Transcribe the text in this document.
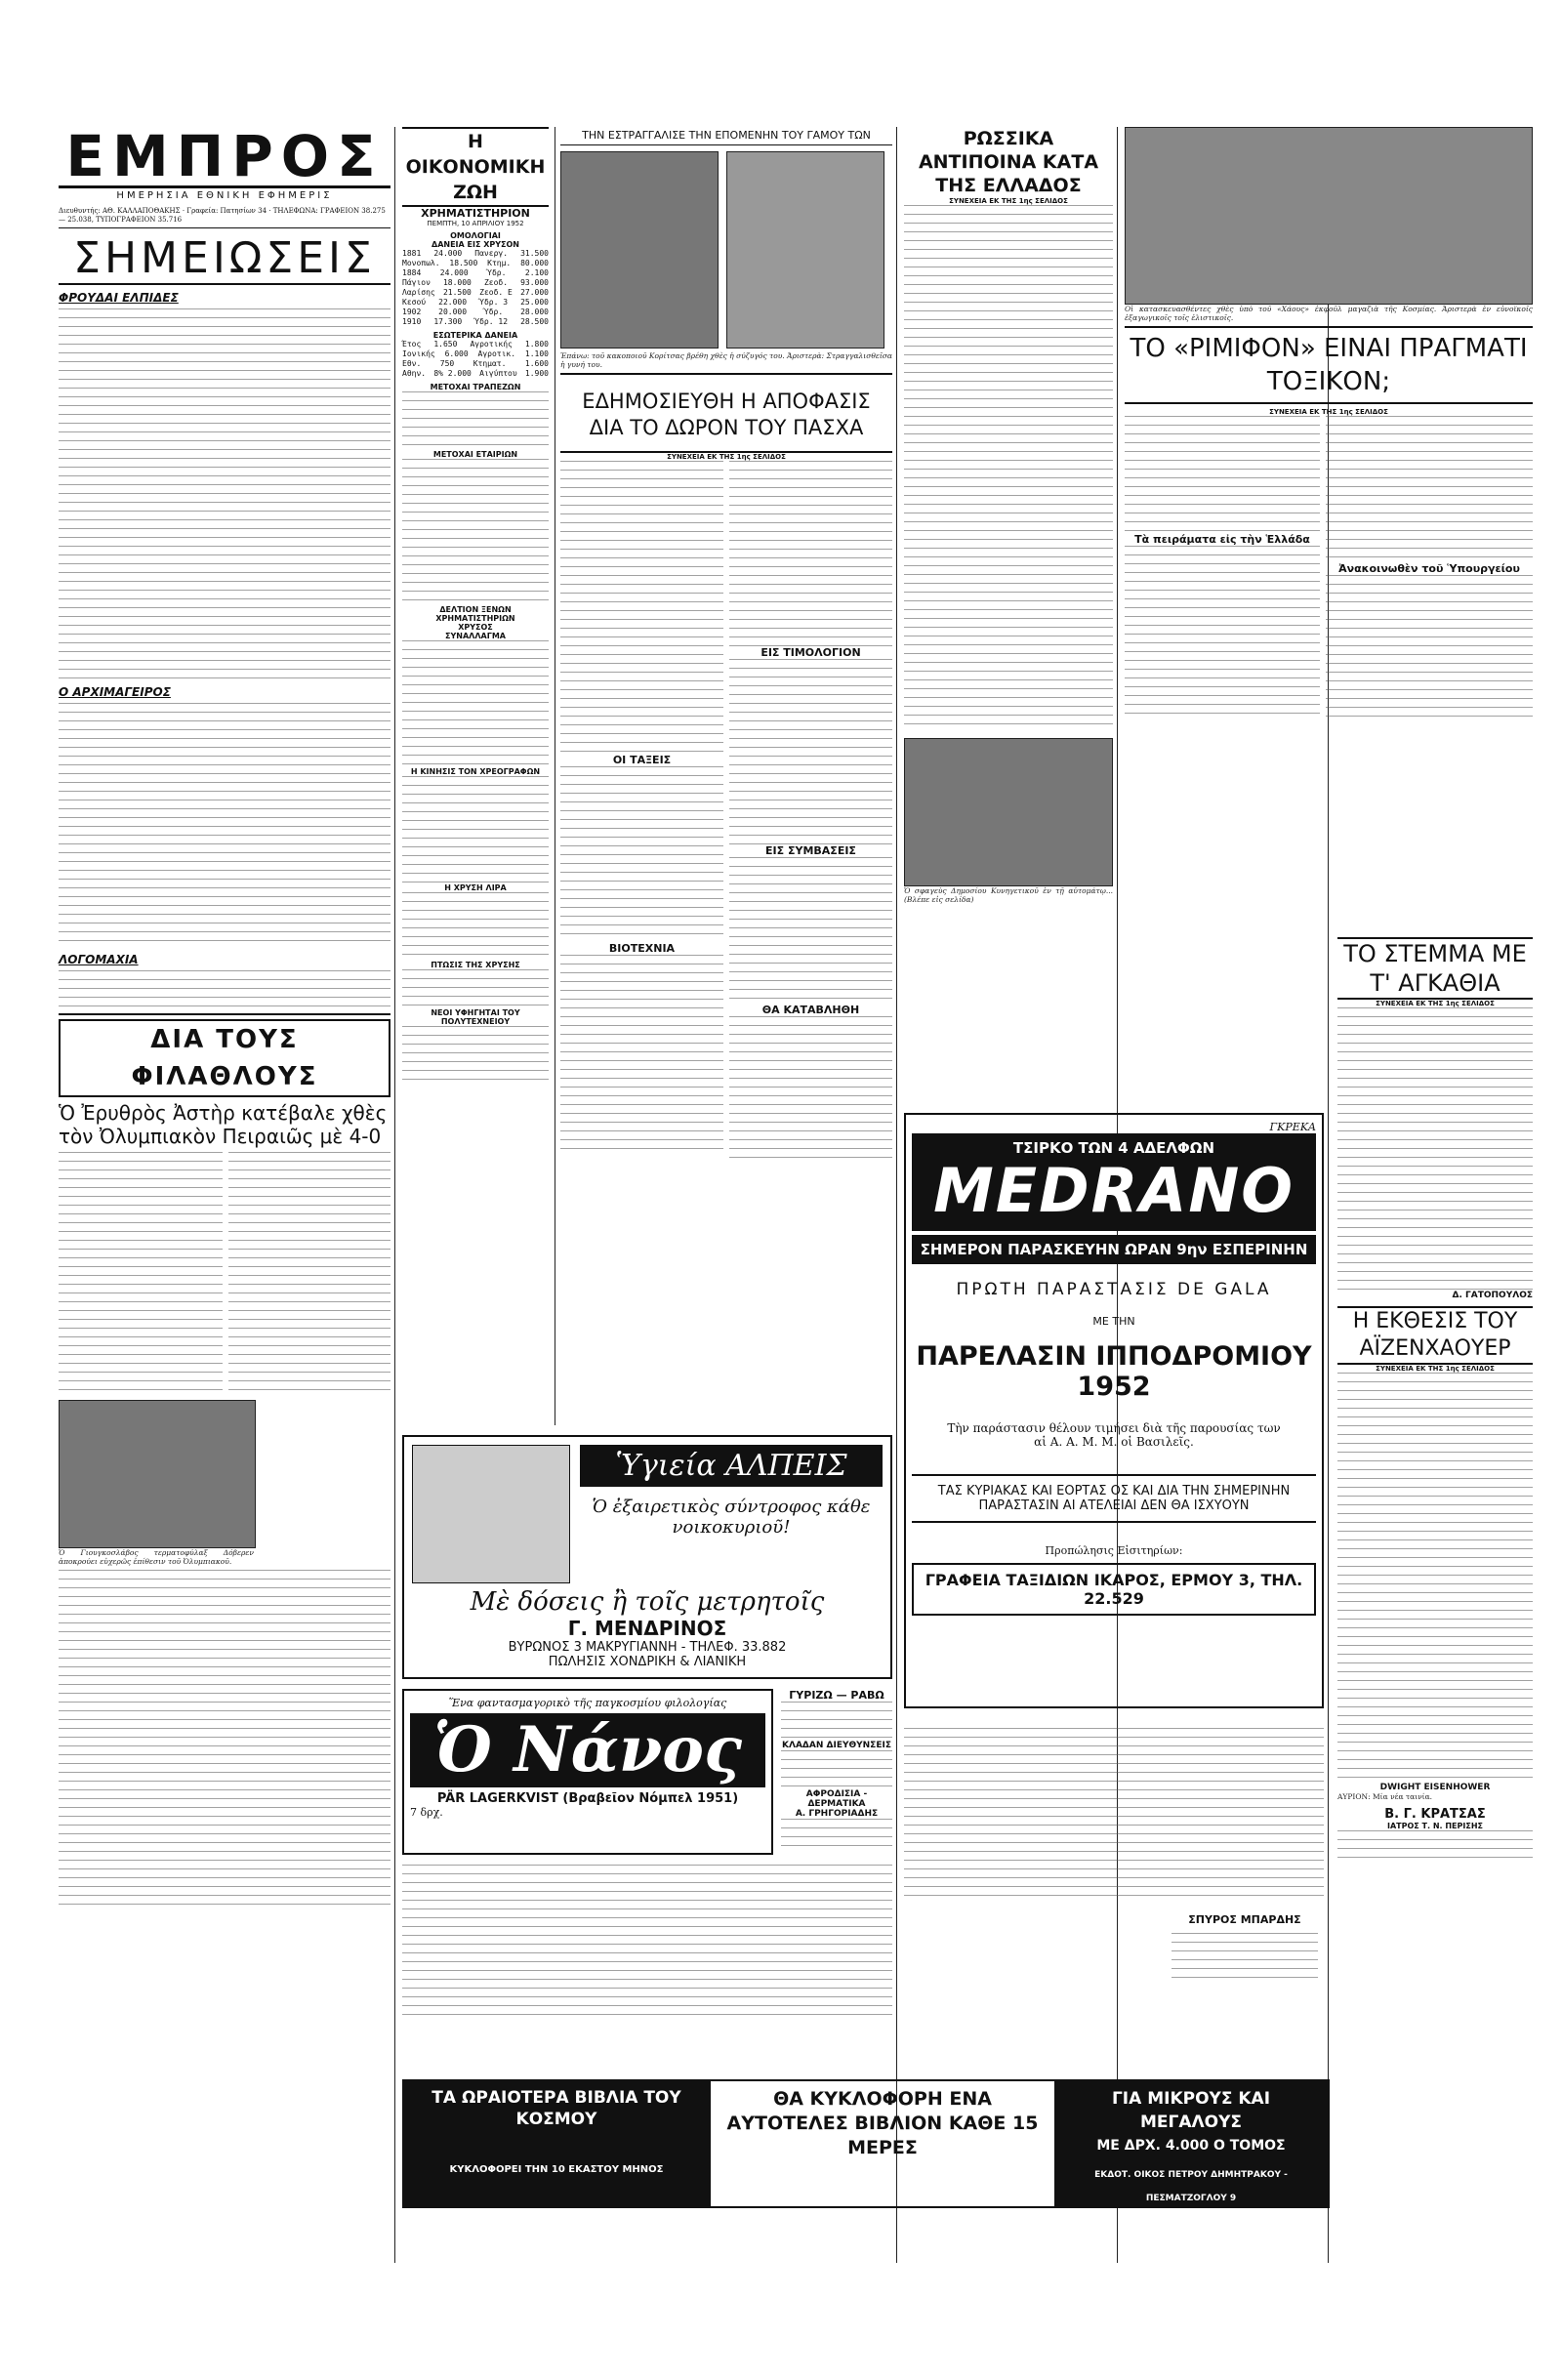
ΕΜΠΡΟΣ
ΗΜΕΡΗΣΙΑ ΕΘΝΙΚΗ ΕΦΗΜΕΡΙΣ
Διευθυντής: ΑΘ. ΚΑΛΛΑΠΟΘΑΚΗΣ · Γραφεία: Πατησίων 34 · ΤΗΛΕΦΩΝΑ: ΓΡΑΦΕΙΟΝ 38.275 — 25.038, ΤΥΠΟΓΡΑΦΕΙΟΝ 35.716
ΣΗΜΕΙΩΣΕΙΣ
ΦΡΟΥΔΑΙ ΕΛΠΙΔΕΣ
Ο ΑΡΧΙΜΑΓΕΙΡΟΣ
ΛΟΓΟΜΑΧΙΑ
ΔΙΑ ΤΟΥΣ ΦΙΛΑΘΛΟΥΣ
Ὁ Ἐρυθρὸς Ἀστὴρ κατέβαλε χθὲς τὸν Ὀλυμπιακὸν Πειραιῶς μὲ 4-0
Ὁ Γιουγκοσλάβος τερματοφύλαξ Δόβερεν ἀποκρούει εὐχερῶς ἐπίθεσιν τοῦ Ὀλυμπιακοῦ.
Η ΟΙΚΟΝΟΜΙΚΗ ΖΩΗ
ΧΡΗΜΑΤΙΣΤΗΡΙΟΝ
ΠΕΜΠΤΗ, 10 ΑΠΡΙΛΙΟΥ 1952
ΟΜΟΛΟΓΙΑΙ
ΔΑΝΕΙΑ ΕΙΣ ΧΡΥΣΟΝ
1881 24.000 Πανεργ. 31.500
Μονοπωλ. 18.500 Κτημ. 80.000
1884 24.000 Ύδρ. 2.100
Πάγιον 18.000 Ζεοδ. 93.000
Λαρίσης 21.500 Ζεοδ. Ε 27.000
Κεσού 22.000 Ύδρ. 3 25.000
1902 20.000 Ύδρ. 28.000
1910 17.300 Ύδρ. 12 28.500
ΕΣΩΤΕΡΙΚΑ ΔΑΝΕΙΑ
Έτος 1.650 Αγροτικής 1.800
Ιονικής 6.000 Αγροτικ. 1.100
Εθν. 750 Κτηματ. 1.600
Αθην. 8% 2.000 Αιγύπτου 1.900
ΜΕΤΟΧΑΙ ΤΡΑΠΕΖΩΝ
ΜΕΤΟΧΑΙ ΕΤΑΙΡΙΩΝ
ΔΕΛΤΙΟΝ ΞΕΝΩΝ ΧΡΗΜΑΤΙΣΤΗΡΙΩΝ
ΧΡΥΣΟΣ
ΣΥΝΑΛΛΑΓΜΑ
Η ΚΙΝΗΣΙΣ ΤΟΝ ΧΡΕΟΓΡΑΦΩΝ
Η ΧΡΥΣΗ ΛΙΡΑ
ΠΤΩΣΙΣ ΤΗΣ ΧΡΥΣΗΣ
ΝΕΟΙ ΥΦΗΓΗΤΑΙ ΤΟΥ ΠΟΛΥΤΕΧΝΕΙΟΥ
ΤΗΝ ΕΣΤΡΑΓΓΑΛΙΣΕ ΤΗΝ ΕΠΟΜΕΝΗΝ ΤΟΥ ΓΑΜΟΥ ΤΩΝ
Ἐπάνω: τοῦ κακοποιοῦ Κορίτσας βρέθη χθὲς ἡ σύζυγός του. Ἀριστερὰ: Στραγγαλισθεῖσα ἡ γυνή του.
ΕΔΗΜΟΣΙΕΥΘΗ Η ΑΠΟΦΑΣΙΣ ΔΙΑ ΤΟ ΔΩΡΟΝ ΤΟΥ ΠΑΣΧΑ
ΣΥΝΕΧΕΙΑ ΕΚ ΤΗΣ 1ης ΣΕΛΙΔΟΣ
ΟΙ ΤΑΞΕΙΣ
ΒΙΟΤΕΧΝΙΑ
ΕΙΣ ΤΙΜΟΛΟΓΙΟΝ
ΕΙΣ ΣΥΜΒΑΣΕΙΣ
ΘΑ ΚΑΤΑΒΛΗΘΗ
Ὑγιεία ΑΛΠΕΙΣ
Ὁ ἐξαιρετικὸς σύντροφος κάθε νοικοκυριοῦ!
Μὲ δόσεις ἢ τοῖς μετρητοῖς
Γ. ΜΕΝΔΡΙΝΟΣ
ΒΥΡΩΝΟΣ 3 ΜΑΚΡΥΓΙΑΝΝΗ - ΤΗΛΕΦ. 33.882
ΠΩΛΗΣΙΣ ΧΟΝΔΡΙΚΗ & ΛΙΑΝΙΚΗ
Ἕνα φαντασμαγορικὸ τῆς παγκοσμίου φιλολογίας
Ὁ Νάνος
PÄR LAGERKVIST (Βραβεῖον Νόμπελ 1951)
7 δρχ.
ΓΥΡΙΖΩ — ΡΑΒΩ
ΚΛΑΔΑΝ ΔΙΕΥΘΥΝΣΕΙΣ
ΑΦΡΟΔΙΣΙΑ - ΔΕΡΜΑΤΙΚΑ
Α. ΓΡΗΓΟΡΙΑΔΗΣ
ΡΩΣΣΙΚΑ ΑΝΤΙΠΟΙΝΑ ΚΑΤΑ ΤΗΣ ΕΛΛΑΔΟΣ
ΣΥΝΕΧΕΙΑ ΕΚ ΤΗΣ 1ης ΣΕΛΙΔΟΣ
Ὁ σφαγεὺς Δημοσίου Κυνηγετικοῦ ἐν τῇ αὐτομάτῳ... (Βλέπε εἰς σελίδα)
Οἱ κατασκευασθέντες χθὲς ὑπὸ τοῦ «Χάους» ἐκφοῦλ μαγαζιὰ τῆς Κοσμίας. Ἀριστερὰ ἐν εὐνοϊκοῖς ἐξαγωγικοῖς τοῖς ἐλιστικοῖς.
ΤΟ «ΡΙΜΙΦΟΝ» ΕΙΝΑΙ ΠΡΑΓΜΑΤΙ ΤΟΞΙΚΟΝ;
ΣΥΝΕΧΕΙΑ ΕΚ ΤΗΣ 1ης ΣΕΛΙΔΟΣ
Τὰ πειράματα εἰς τὴν Ἑλλάδα
Ἀνακοινωθὲν τοῦ Ὑπουργείου
ΤΟ ΣΤΕΜΜΑ ΜΕ Τ' ΑΓΚΑΘΙΑ
ΣΥΝΕΧΕΙΑ ΕΚ ΤΗΣ 1ης ΣΕΛΙΔΟΣ
Δ. ΓΑΤΟΠΟΥΛΟΣ
Η ΕΚΘΕΣΙΣ ΤΟΥ ΑΪΖΕΝΧΑΟΥΕΡ
ΣΥΝΕΧΕΙΑ ΕΚ ΤΗΣ 1ης ΣΕΛΙΔΟΣ
DWIGHT EISENHOWER
ΑΥΡΙΟΝ: Μία νέα ταινία.
Β. Γ. ΚΡΑΤΣΑΣ
ΙΑΤΡΟΣ Τ. Ν. ΠΕΡΙΣΗΣ
ΓΚΡΕΚΑ
ΤΣΙΡΚΟ ΤΩΝ 4 ΑΔΕΛΦΩΝ
MEDRANO
ΣΗΜΕΡΟΝ ΠΑΡΑΣΚΕΥΗΝ ΩΡΑΝ 9ην ΕΣΠΕΡΙΝΗΝ
ΠΡΩΤΗ ΠΑΡΑΣΤΑΣΙΣ DE GALA
ΜΕ ΤΗΝ
ΠΑΡΕΛΑΣΙΝ ΙΠΠΟΔΡΟΜΙΟΥ 1952
Τὴν παράστασιν θέλουν τιμήσει διὰ τῆς παρουσίας των αἱ Α. Α. Μ. Μ. οἱ Βασιλεῖς.
ΤΑΣ ΚΥΡΙΑΚΑΣ ΚΑΙ ΕΟΡΤΑΣ ΟΣ ΚΑΙ ΔΙΑ ΤΗΝ ΣΗΜΕΡΙΝΗΝ ΠΑΡΑΣΤΑΣΙΝ ΑΙ ΑΤΕΛΕΙΑΙ ΔΕΝ ΘΑ ΙΣΧΥΟΥΝ
Προπώλησις Εἰσιτηρίων:
ΓΡΑΦΕΙΑ ΤΑΞΙΔΙΩΝ ΙΚΑΡΟΣ, ΕΡΜΟΥ 3, ΤΗΛ. 22.529
ΣΠΥΡΟΣ ΜΠΑΡΔΗΣ
ΤΑ ΩΡΑΙΟΤΕΡΑ ΒΙΒΛΙΑ ΤΟΥ ΚΟΣΜΟΥ
ΚΥΚΛΟΦΟΡΕΙ ΤΗΝ 10 ΕΚΑΣΤΟΥ ΜΗΝΟΣ
ΘΑ ΚΥΚΛΟΦΟΡΗ ΕΝΑ ΑΥΤΟΤΕΛΕΣ ΒΙΒΛΙΟΝ ΚΑΘΕ 15 ΜΕΡΕΣ
ΓΙΑ ΜΙΚΡΟΥΣ ΚΑΙ ΜΕΓΑΛΟΥΣ
ΜΕ ΔΡΧ. 4.000 Ο ΤΟΜΟΣ
ΕΚΔΟΤ. ΟΙΚΟΣ ΠΕΤΡΟΥ ΔΗΜΗΤΡΑΚΟΥ - ΠΕΣΜΑΤΖΟΓΛΟΥ 9
